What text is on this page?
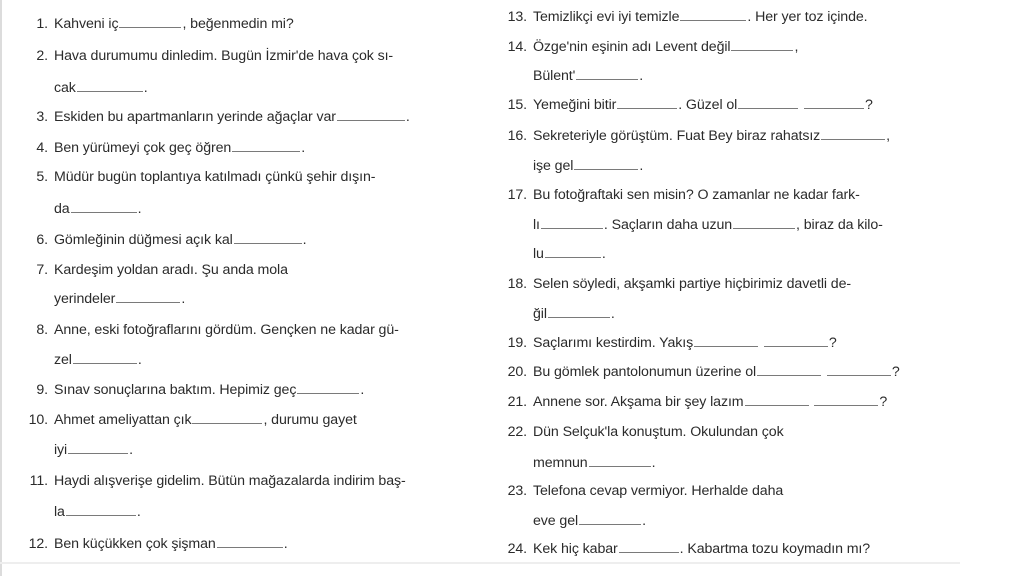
1. Kahveni iç	, beğenmedin mi?
2. Hava durumumu dinledim. Bugün İzmir'de hava çok sı-
cak	.
3. Eskiden bu apartmanların yerinde ağaçlar var	.
4. Ben yürümeyi çok geç öğren	.
5. Müdür bugün toplantıya katılmadı çünkü şehir dışın-
da	.
6. Gömleğinin düğmesi açık kal	.
7. Kardeşim yoldan aradı. Şu anda mola
yerindeler	.
8. Anne, eski fotoğraflarını gördüm. Gençken ne kadar gü-
zel	.
9. Sınav sonuçlarına baktım. Hepimiz geç	.
10. Ahmet ameliyattan çık	, durumu gayet
iyi	.
11. Haydi alışverişe gidelim. Bütün mağazalarda indirim baş-
la	.
12. Ben küçükken çok şişman	.
13. Temizlikçi evi iyi temizle	. Her yer toz içinde.
14. Özge'nin eşinin adı Levent değil	,
Bülent'	.
15. Yemeğini bitir	. Güzel ol	?
16. Sekreteriyle görüştüm. Fuat Bey biraz rahatsız	,
işe gel	.
17. Bu fotoğraftaki sen misin? O zamanlar ne kadar fark-
lı	. Saçların daha uzun	, biraz da kilo-
lu	.
18. Selen söyledi, akşamki partiye hiçbirimiz davetli de-
ğil	.
19. Saçlarımı kestirdim. Yakış	?
20. Bu gömlek pantolonumun üzerine ol	?
21. Annene sor. Akşama bir şey lazım	?
22. Dün Selçuk'la konuştum. Okulundan çok
memnun	.
23. Telefona cevap vermiyor. Herhalde daha
eve gel	.
24. Kek hiç kabar	. Kabartma tozu koymadın mı?
